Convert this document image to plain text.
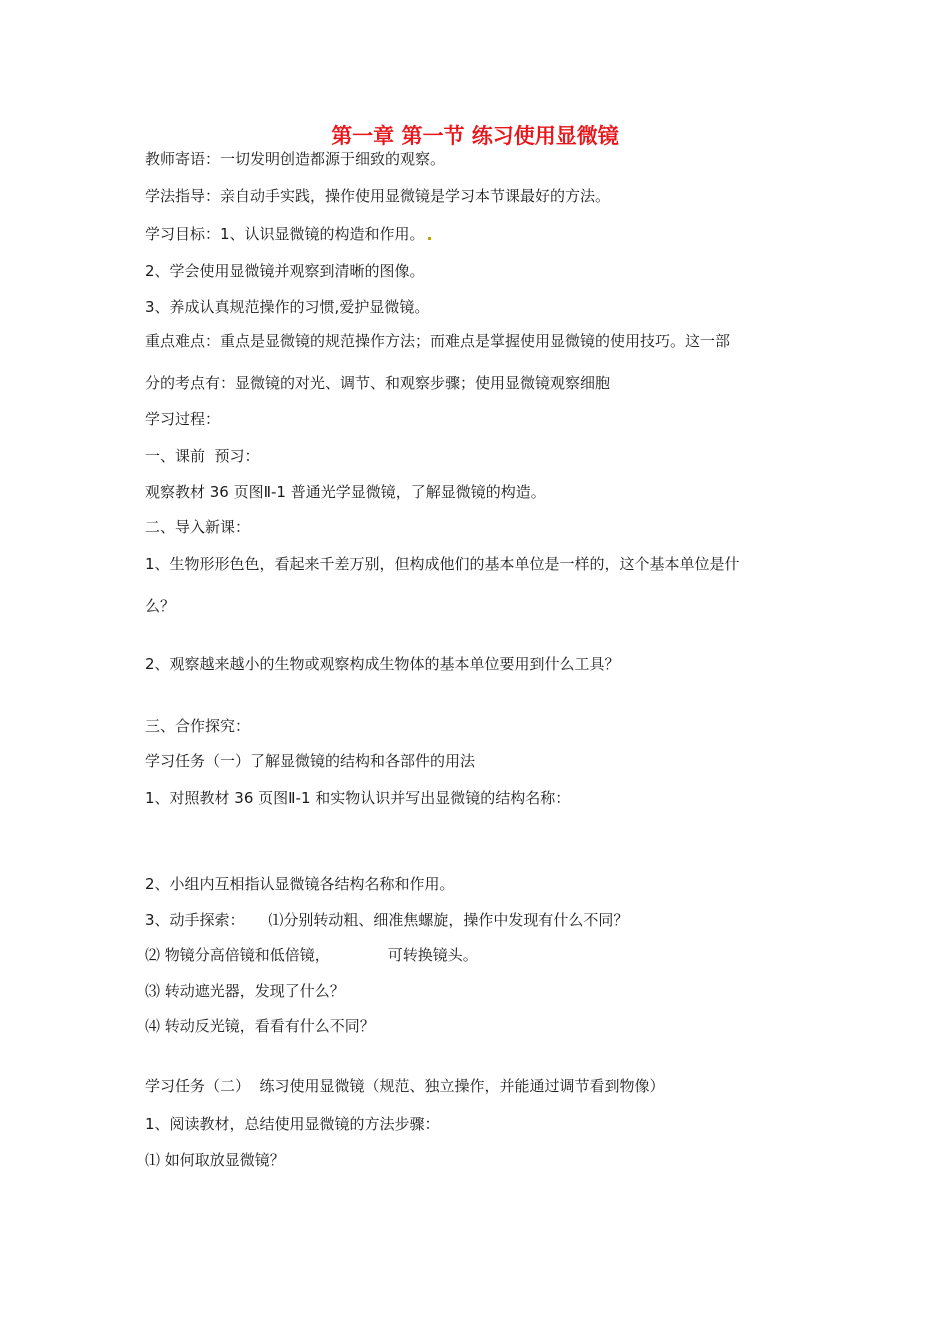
第一章 第一节 练习使用显微镜
教师寄语：一切发明创造都源于细致的观察。
学法指导：亲自动手实践，操作使用显微镜是学习本节课最好的方法。
学习目标：1、认识显微镜的构造和作用。
2、学会使用显微镜并观察到清晰的图像。
3、养成认真规范操作的习惯,爱护显微镜。
重点难点：重点是显微镜的规范操作方法；而难点是掌握使用显微镜的使用技巧。这一部
分的考点有：显微镜的对光、调节、和观察步骤；使用显微镜观察细胞
学习过程：
一、课前  预习：
观察教材 36 页图Ⅱ-1 普通光学显微镜，了解显微镜的构造。
二、导入新课：
1、生物形形色色，看起来千差万别，但构成他们的基本单位是一样的，这个基本单位是什
么？
2、观察越来越小的生物或观察构成生物体的基本单位要用到什么工具？
三、合作探究：
学习任务（一）了解显微镜的结构和各部件的用法
1、对照教材 36 页图Ⅱ-1 和实物认识并写出显微镜的结构名称：
2、小组内互相指认显微镜各结构名称和作用。
3、动手探索：     ⑴分别转动粗、细准焦螺旋，操作中发现有什么不同？
⑵ 物镜分高倍镜和低倍镜，	可转换镜头。
⑶ 转动遮光器，发现了什么？
⑷ 转动反光镜，看看有什么不同？
学习任务（二）  练习使用显微镜（规范、独立操作，并能通过调节看到物像）
1、阅读教材，总结使用显微镜的方法步骤：
⑴ 如何取放显微镜？
